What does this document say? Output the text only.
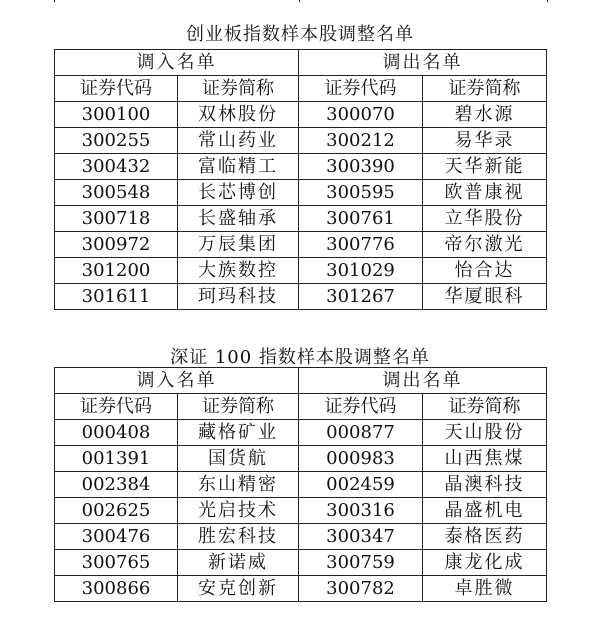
创业板指数样本股调整名单
调入名单		调出名单	
证券代码	证券简称	证券代码	证券简称
300100	双林股份	300070	碧水源
300255	常山药业	300212	易华录
300432	富临精工	300390	天华新能
300548	长芯博创	300595	欧普康视
300718	长盛轴承	300761	立华股份
300972	万辰集团	300776	帝尔激光
301200	大族数控	301029	怡合达
301611	珂玛科技	301267	华厦眼科
深证 100 指数样本股调整名单
调入名单		调出名单	
证券代码	证券简称	证券代码	证券简称
000408	藏格矿业	000877	天山股份
001391	国货航	000983	山西焦煤
002384	东山精密	002459	晶澳科技
002625	光启技术	300316	晶盛机电
300476	胜宏科技	300347	泰格医药
300765	新诺威	300759	康龙化成
300866	安克创新	300782	卓胜微
